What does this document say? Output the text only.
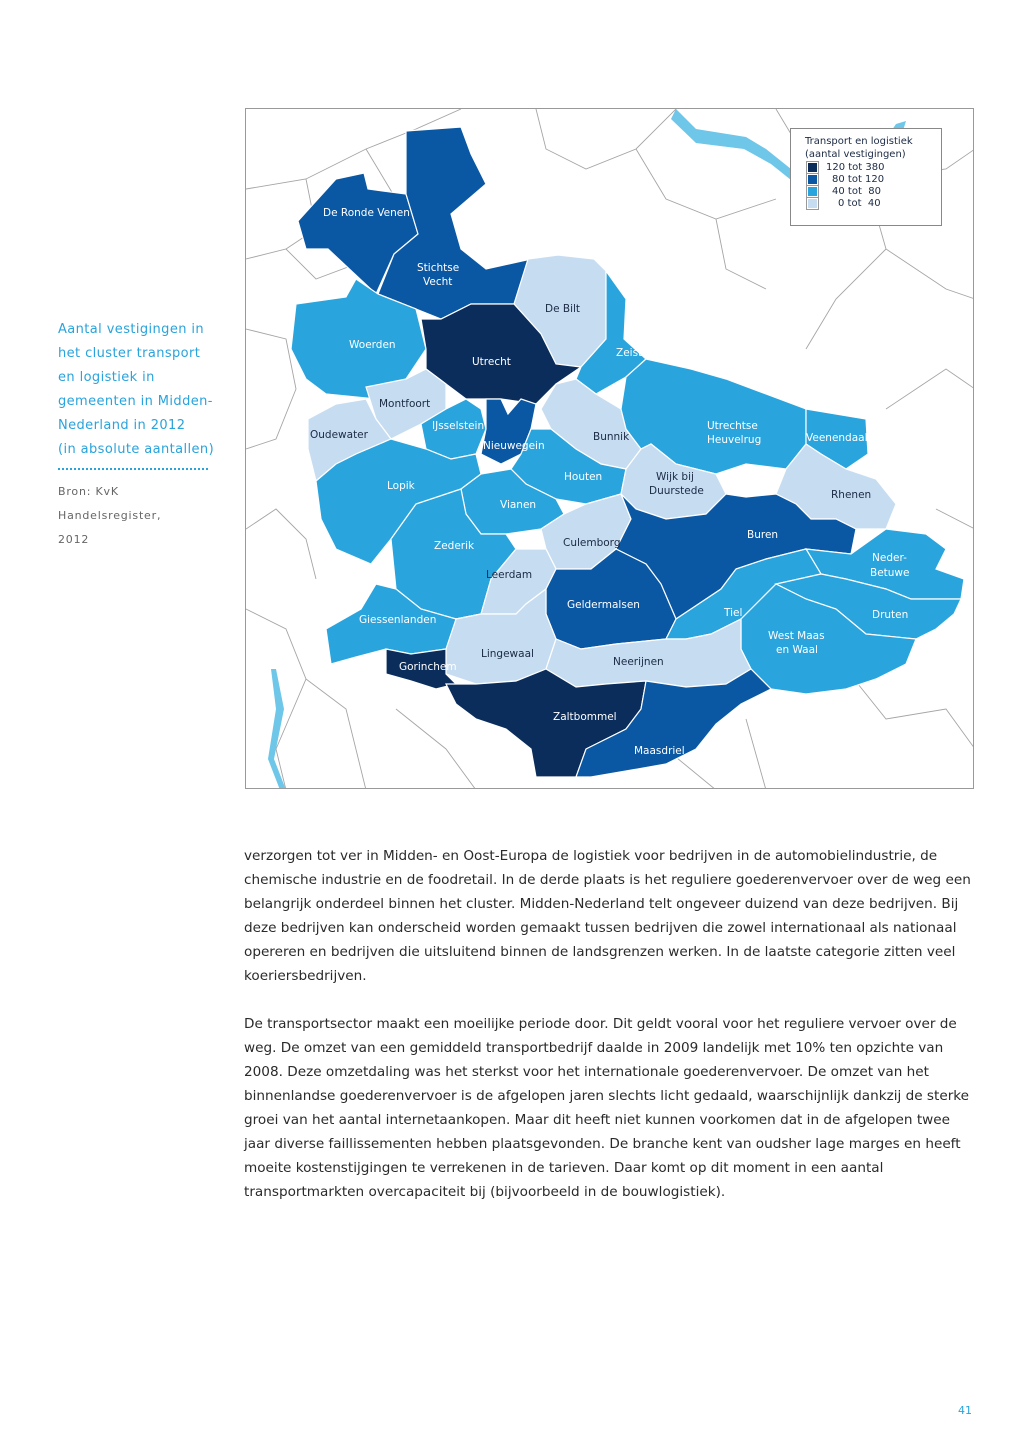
Aantal vestigingen in
het cluster transport
en logistiek in
gemeenten in Midden-
Nederland in 2012
(in absolute aantallen)
Bron: KvK Handelsregister,
2012
De Ronde Venen
Stichtse
Vecht
De Bilt
Woerden
Utrecht
Zeist
Montfoort
Oudewater
IJsselstein
Nieuwegein
Bunnik
Utrechtse
Heuvelrug	Veenendaal
Houten	Wijk bij
Duurstede	Rhenen
Lopik
Vianen
Zederik	Culemborg
Buren
Neder-
Betuwe
Leerdam
Geldermalsen
Tiel	Druten
Giessenlanden
West Maas
en Waal
Lingewaal
Neerijnen
Gorinchem
Zaltbommel
Maasdriel
Transport en logistiek
(aantal vestigingen)
120 tot 380
80 tot 120
40 tot  80
0 tot  40

verzorgen tot ver in Midden- en Oost-Europa de logistiek voor bedrijven in de automobielindustrie, de chemische industrie en de foodretail. In de derde plaats is het reguliere goederenvervoer over de weg een belangrijk onderdeel binnen het cluster. Midden-Nederland telt ongeveer duizend van deze bedrijven. Bij deze bedrijven kan onderscheid worden gemaakt tussen bedrijven die zowel internationaal als nationaal opereren en bedrijven die uitsluitend binnen de landsgrenzen werken. In de laatste categorie zitten veel koeriersbedrijven.

De transportsector maakt een moeilijke periode door. Dit geldt vooral voor het reguliere vervoer over de weg. De omzet van een gemiddeld transportbedrijf daalde in 2009 landelijk met 10% ten opzichte van 2008. Deze omzetdaling was het sterkst voor het internationale goederenvervoer. De omzet van het binnenlandse goederenvervoer is de afgelopen jaren slechts licht gedaald, waarschijnlijk dankzij de sterke groei van het aantal internetaankopen. Maar dit heeft niet kunnen voorkomen dat in de afgelopen twee jaar diverse faillissementen hebben plaatsgevonden. De branche kent van oudsher lage marges en heeft moeite kostenstijgingen te verrekenen in de tarieven. Daar komt op dit moment in een aantal transportmarkten overcapaciteit bij (bijvoorbeeld in de bouwlogistiek).

41
